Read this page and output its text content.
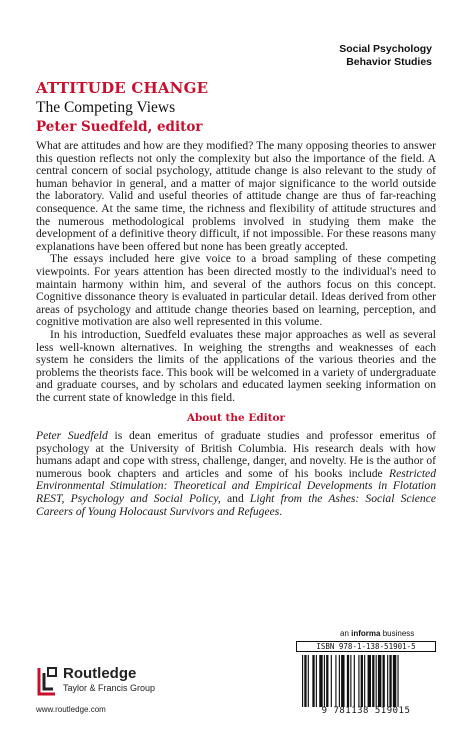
Social Psychology
Behavior Studies
ATTITUDE CHANGE
The Competing Views
Peter Suedfeld, editor

What are attitudes and how are they modified? The many opposing theories to answer this question reflects not only the complexity but also the importance of the field. A central concern of social psychology, attitude change is also relevant to the study of human behavior in general, and a matter of major significance to the world outside the laboratory. Valid and useful theories of attitude change are thus of far-reaching consequence. At the same time, the richness and flexibility of attitude structures and the numerous methodological problems involved in studying them make the development of a definitive theory difficult, if not impossible. For these reasons many explanations have been offered but none has been greatly accepted.

The essays included here give voice to a broad sampling of these competing viewpoints. For years attention has been directed mostly to the individual's need to maintain harmony within him, and several of the authors focus on this concept. Cognitive dissonance theory is evaluated in particular detail. Ideas derived from other areas of psychology and attitude change theories based on learning, perception, and cognitive motivation are also well represented in this volume.

In his introduction, Suedfeld evaluates these major approaches as well as several less well-known alternatives. In weighing the strengths and weaknesses of each system he considers the limits of the applications of the various theories and the problems the theorists face. This book will be welcomed in a variety of undergraduate and graduate courses, and by scholars and educated laymen seeking information on the current state of knowledge in this field.

About the Editor

Peter Suedfeld is dean emeritus of graduate studies and professor emeritus of psychology at the University of British Columbia. His research deals with how humans adapt and cope with stress, challenge, danger, and novelty. He is the author of numerous book chapters and articles and some of his books include Restricted Environmental Stimulation: Theoretical and Empirical Developments in Flotation REST, Psychology and Social Policy, and Light from the Ashes: Social Science Careers of Young Holocaust Survivors and Refugees.

an informa business
Routledge
Taylor & Francis Group
www.routledge.com
ISBN 978-1-138-51901-5
9 781138 519015
